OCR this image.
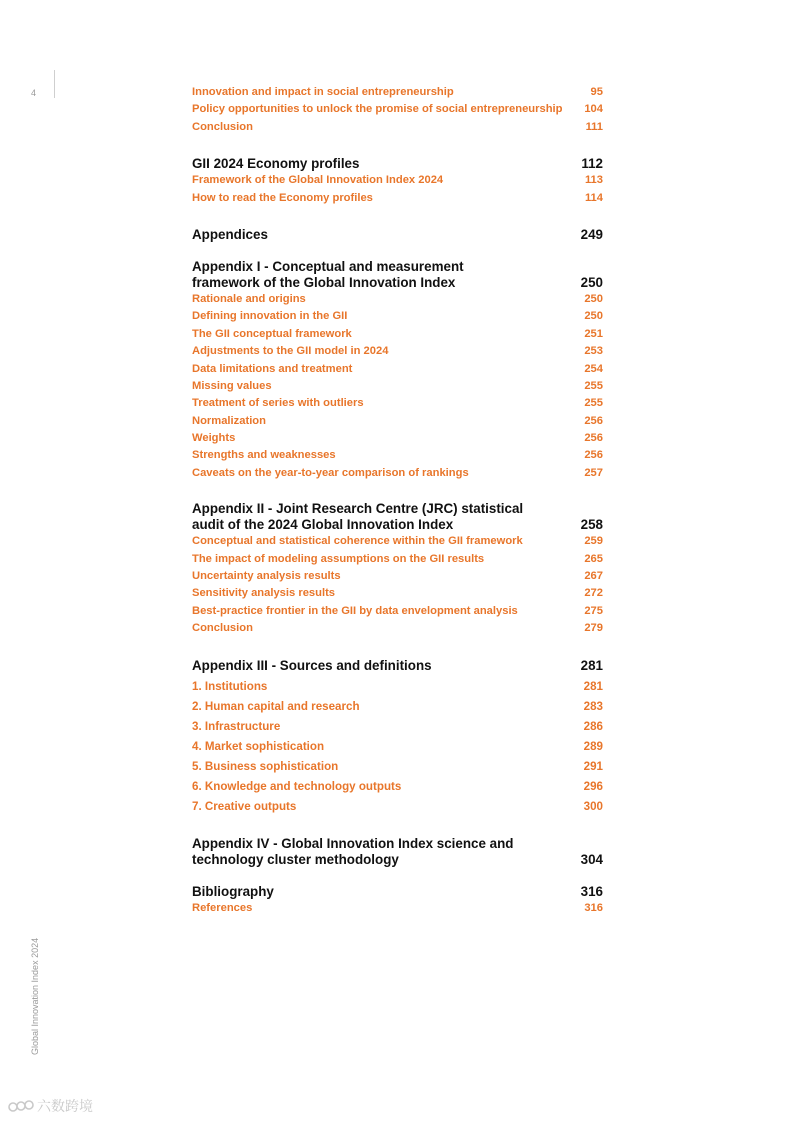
4	Innovation and impact in social entrepreneurship	95
Policy opportunities to unlock the promise of social entrepreneurship 104
Conclusion	111
GII 2024 Economy profiles	112
Framework of the Global Innovation Index 2024	113
How to read the Economy profiles	114
Appendices	249
Appendix I - Conceptual and measurement
framework of the Global Innovation Index	250
Rationale and origins	250
Defining innovation in the GII	250
The GII conceptual framework	251
Adjustments to the GII model in 2024	253
Data limitations and treatment	254
Missing values	255
Treatment of series with outliers	255
Normalization	256
Weights	256
Strengths and weaknesses	256
Caveats on the year-to-year comparison of rankings	257
Appendix II - Joint Research Centre (JRC) statistical
audit of the 2024 Global Innovation Index	258
Conceptual and statistical coherence within the GII framework	259
The impact of modeling assumptions on the GII results	265
Uncertainty analysis results	267
Sensitivity analysis results	272
Best-practice frontier in the GII by data envelopment analysis	275
Conclusion	279
Appendix III - Sources and definitions	281
1. Institutions	281
2. Human capital and research	283
3. Infrastructure	286
4. Market sophistication	289
5. Business sophistication	291
6. Knowledge and technology outputs	296
7. Creative outputs	300
Appendix IV - Global Innovation Index science and
technology cluster methodology	304
Bibliography	316
References	316
Global Innovation Index 2024
六数跨境
